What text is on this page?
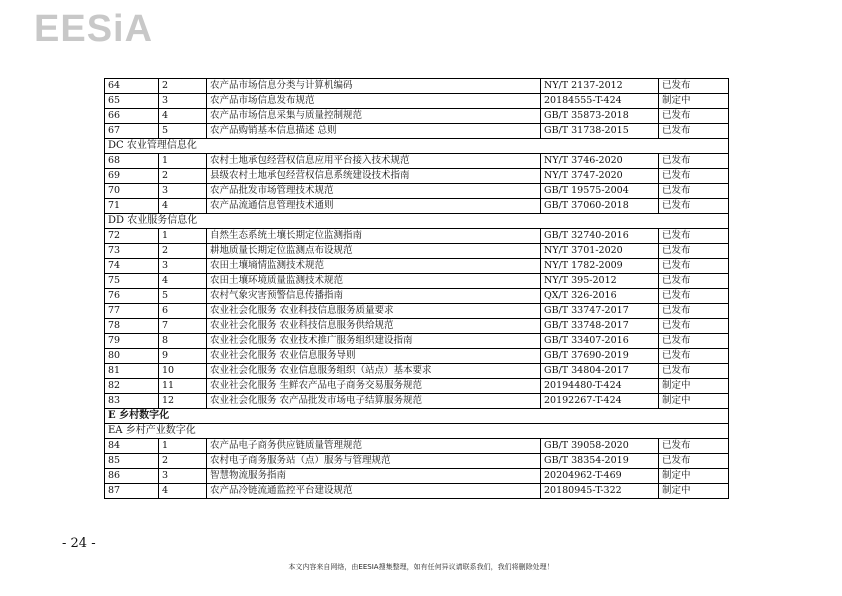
EESiA
64	2	农产品市场信息分类与计算机编码	NY/T 2137-2012	已发布
65	3	农产品市场信息发布规范	20184555-T-424	制定中
66	4	农产品市场信息采集与质量控制规范	GB/T 35873-2018	已发布
67	5	农产品购销基本信息描述 总则	GB/T 31738-2015	已发布
DC 农业管理信息化				
68	1	农村土地承包经营权信息应用平台接入技术规范	NY/T 3746-2020	已发布
69	2	县级农村土地承包经营权信息系统建设技术指南	NY/T 3747-2020	已发布
70	3	农产品批发市场管理技术规范	GB/T 19575-2004	已发布
71	4	农产品流通信息管理技术通则	GB/T 37060-2018	已发布
DD 农业服务信息化				
72	1	自然生态系统土壤长期定位监测指南	GB/T 32740-2016	已发布
73	2	耕地质量长期定位监测点布设规范	NY/T 3701-2020	已发布
74	3	农田土壤墒情监测技术规范	NY/T 1782-2009	已发布
75	4	农田土壤环境质量监测技术规范	NY/T 395-2012	已发布
76	5	农村气象灾害预警信息传播指南	QX/T 326-2016	已发布
77	6	农业社会化服务 农业科技信息服务质量要求	GB/T 33747-2017	已发布
78	7	农业社会化服务 农业科技信息服务供给规范	GB/T 33748-2017	已发布
79	8	农业社会化服务 农业技术推广服务组织建设指南	GB/T 33407-2016	已发布
80	9	农业社会化服务 农业信息服务导则	GB/T 37690-2019	已发布
81	10	农业社会化服务 农业信息服务组织（站点）基本要求	GB/T 34804-2017	已发布
82	11	农业社会化服务 生鲜农产品电子商务交易服务规范	20194480-T-424	制定中
83	12	农业社会化服务 农产品批发市场电子结算服务规范	20192267-T-424	制定中
E 乡村数字化				
EA 乡村产业数字化				
84	1	农产品电子商务供应链质量管理规范	GB/T 39058-2020	已发布
85	2	农村电子商务服务站（点）服务与管理规范	GB/T 38354-2019	已发布
86	3	智慧物流服务指南	20204962-T-469	制定中
87	4	农产品冷链流通监控平台建设规范	20180945-T-322	制定中
- 24 -
本文内容来自网络，由EESIA搜集整理，如有任何异议请联系我们，我们将删除处理！
